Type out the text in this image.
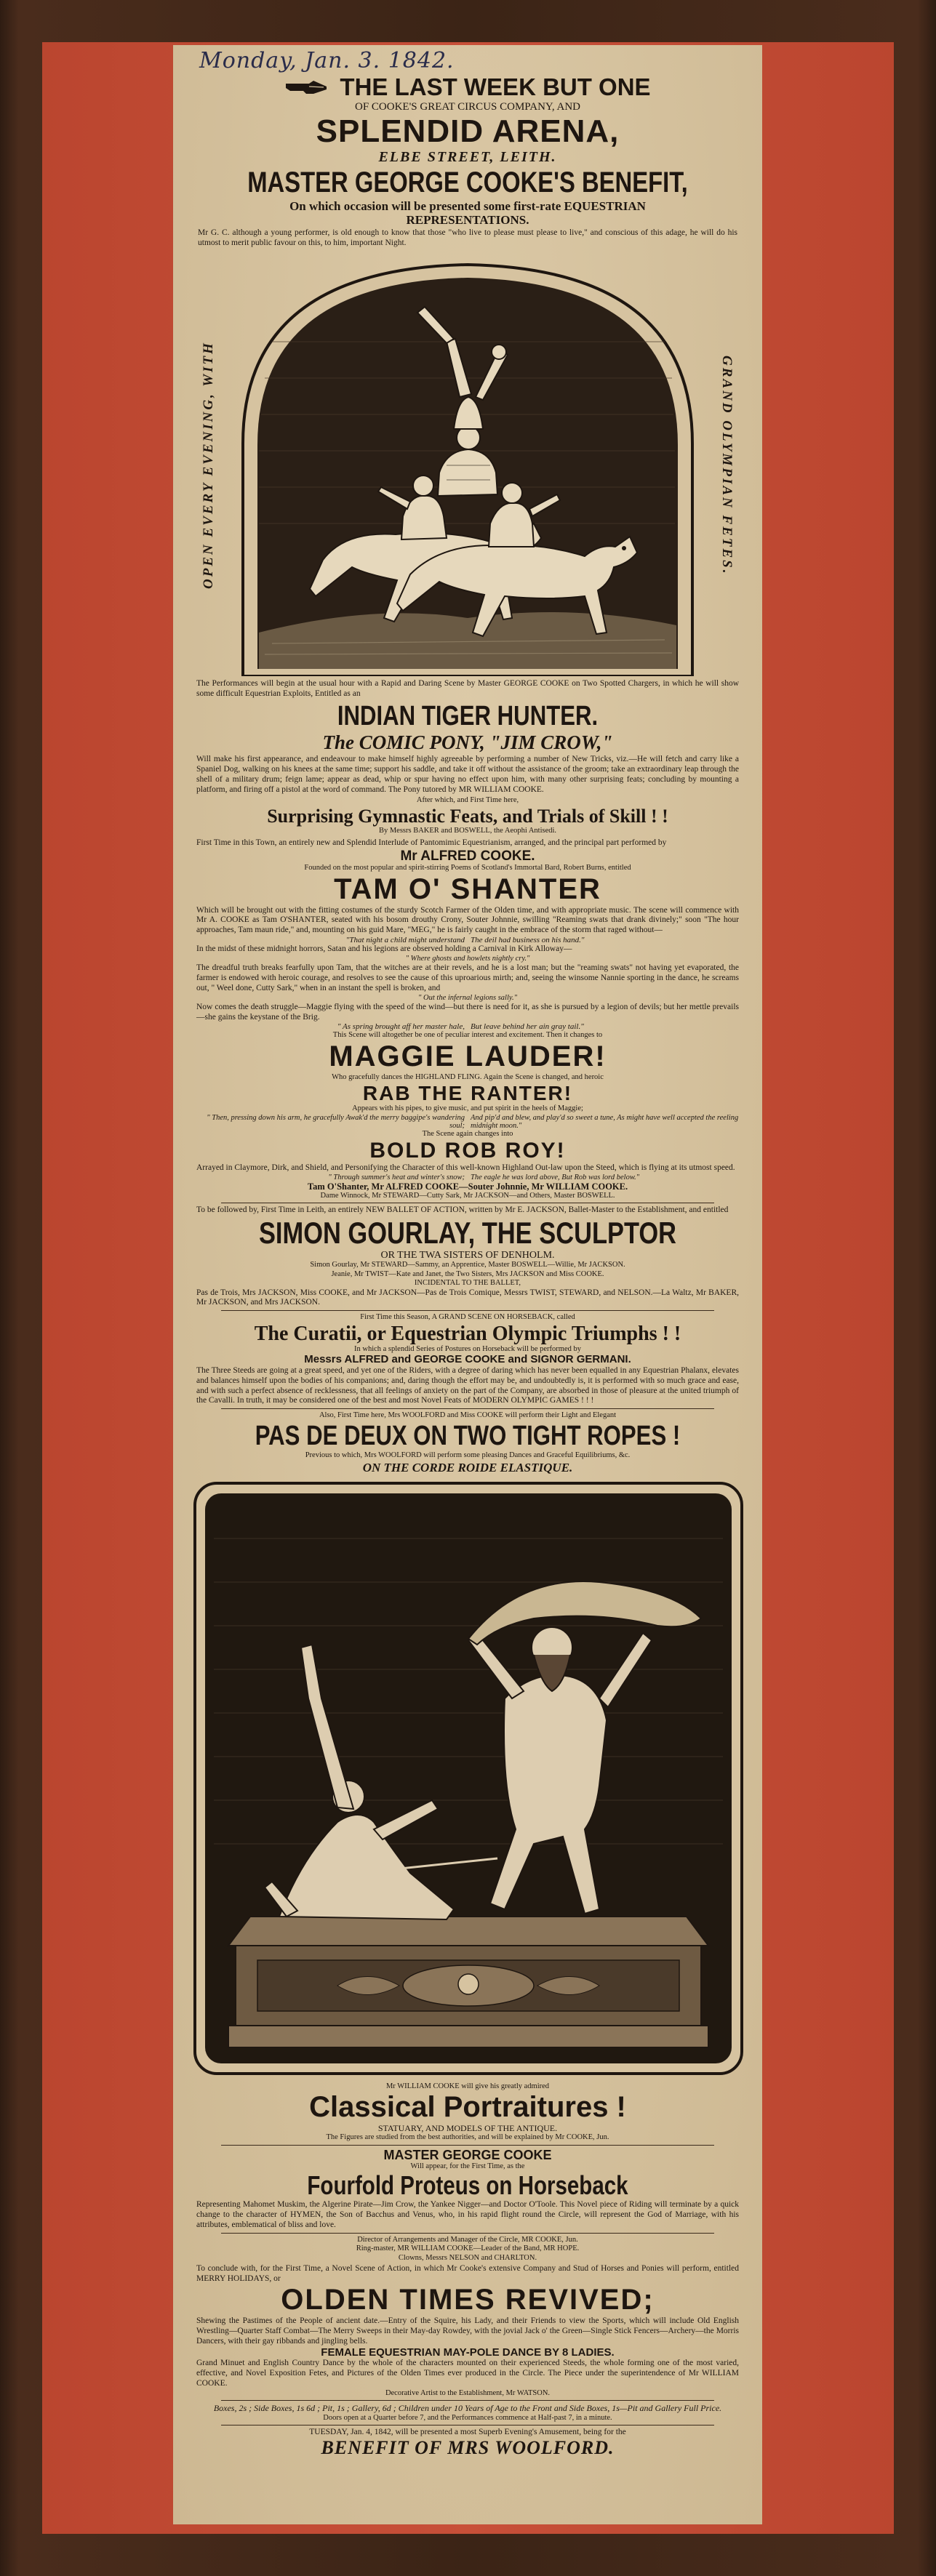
Monday, Jan. 3. 1842.
THE LAST WEEK BUT ONE
OF COOKE'S GREAT CIRCUS COMPANY, AND
SPLENDID ARENA,
ELBE STREET, LEITH.
MASTER GEORGE COOKE'S BENEFIT,
On which occasion will be presented some first-rate EQUESTRIAN
REPRESENTATIONS.

Mr G. C. although a young performer, is old enough to know that those "who live to please must please to live," and conscious of this adage, he will do his utmost to merit public favour on this, to him, important Night.

OPEN EVERY EVENING, WITH	GRAND OLYMPIAN FETES.

The Performances will begin at the usual hour with a Rapid and Daring Scene by Master GEORGE COOKE on Two Spotted Chargers, in which he will show some difficult Equestrian Exploits, Entitled as an

INDIAN TIGER HUNTER.
The COMIC PONY, "JIM CROW,"

Will make his first appearance, and endeavour to make himself highly agreeable by performing a number of New Tricks, viz.—He will fetch and carry like a Spaniel Dog, walking on his knees at the same time; support his saddle, and take it off without the assistance of the groom; take an extraordinary leap through the shell of a military drum; feign lame; appear as dead, whip or spur having no effect upon him, with many other surprising feats; concluding by mounting a platform, and firing off a pistol at the word of command. The Pony tutored by MR WILLIAM COOKE.

After which, and First Time here,
Surprising Gymnastic Feats, and Trials of Skill ! !
By Messrs BAKER and BOSWELL, the Aeophi Antisedi.

First Time in this Town, an entirely new and Splendid Interlude of Pantomimic Equestrianism, arranged, and the principal part performed by

Mr ALFRED COOKE.
Founded on the most popular and spirit-stirring Poems of Scotland's Immortal Bard, Robert Burns, entitled
TAM O' SHANTER

Which will be brought out with the fitting costumes of the sturdy Scotch Farmer of the Olden time, and with appropriate music. The scene will commence with Mr A. COOKE as Tam O'SHANTER, seated with his bosom drouthy Crony, Souter Johnnie, swilling "Reaming swats that drank divinely;" soon "The hour approaches, Tam maun ride," and, mounting on his guid Mare, "MEG," he is fairly caught in the embrace of the storm that raged without—

"That night a child might understand The deil had business on his hand."

In the midst of these midnight horrors, Satan and his legions are observed holding a Carnival in Kirk Alloway—

" Where ghosts and howlets nightly cry."

The dreadful truth breaks fearfully upon Tam, that the witches are at their revels, and he is a lost man; but the "reaming swats" not having yet evaporated, the farmer is endowed with heroic courage, and resolves to see the cause of this uproarious mirth; and, seeing the winsome Nannie sporting in the dance, he screams out, " Weel done, Cutty Sark," when in an instant the spell is broken, and

" Out the infernal legions sally."

Now comes the death struggle—Maggie flying with the speed of the wind—but there is need for it, as she is pursued by a legion of devils; but her mettle prevails—she gains the keystane of the Brig.

" As spring brought aff her master hale, But leave behind her ain gray tail."
This Scene will altogether be one of peculiar interest and excitement. Then it changes to
MAGGIE LAUDER!
Who gracefully dances the HIGHLAND FLING. Again the Scene is changed, and heroic
RAB THE RANTER!
Appears with his pipes, to give music, and put spirit in the heels of Maggie;
" Then, pressing down his arm, he gracefully Awak'd the merry baggipe's wandering soul;
And pip'd and blew, and play'd so sweet a tune, As might have well accepted the reeling midnight moon."
The Scene again changes into
BOLD ROB ROY!

Arrayed in Claymore, Dirk, and Shield, and Personifying the Character of this well-known Highland Out-law upon the Steed, which is flying at its utmost speed.

" Through summer's heat and winter's snow; The eagle he was lord above, But Rob was lord below."
Tam O'Shanter, Mr ALFRED COOKE—Souter Johnnie, Mr WILLIAM COOKE.
Dame Winnock, Mr STEWARD—Cutty Sark, Mr JACKSON—and Others, Master BOSWELL.

To be followed by, First Time in Leith, an entirely NEW BALLET OF ACTION, written by Mr E. JACKSON, Ballet-Master to the Establishment, and entitled

SIMON GOURLAY, THE SCULPTOR
OR THE TWA SISTERS OF DENHOLM.
Simon Gourlay, Mr STEWARD—Sammy, an Apprentice, Master BOSWELL—Willie, Mr JACKSON.
Jeanie, Mr TWIST—Kate and Janet, the Two Sisters, Mrs JACKSON and Miss COOKE.
INCIDENTAL TO THE BALLET,

Pas de Trois, Mrs JACKSON, Miss COOKE, and Mr JACKSON—Pas de Trois Comique, Messrs TWIST, STEWARD, and NELSON.—La Waltz, Mr BAKER, Mr JACKSON, and Mrs JACKSON.

First Time this Season, A GRAND SCENE ON HORSEBACK, called
The Curatii, or Equestrian Olympic Triumphs ! !
In which a splendid Series of Postures on Horseback will be performed by
Messrs ALFRED and GEORGE COOKE and SIGNOR GERMANI.

The Three Steeds are going at a great speed, and yet one of the Riders, with a degree of daring which has never been equalled in any Equestrian Phalanx, elevates and balances himself upon the bodies of his companions; and, daring though the effort may be, and undoubtedly is, it is performed with so much grace and ease, and with such a perfect absence of recklessness, that all feelings of anxiety on the part of the Company, are absorbed in those of pleasure at the united triumph of the Cavalli. In truth, it may be considered one of the best and most Novel Feats of MODERN OLYMPIC GAMES ! ! !

Also, First Time here, Mrs WOOLFORD and Miss COOKE will perform their Light and Elegant
PAS DE DEUX ON TWO TIGHT ROPES !
Previous to which, Mrs WOOLFORD will perform some pleasing Dances and Graceful Equilibriums, &c.
ON THE CORDE ROIDE ELASTIQUE.
Mr WILLIAM COOKE will give his greatly admired
Classical Portraitures !
STATUARY, AND MODELS OF THE ANTIQUE.
The Figures are studied from the best authorities, and will be explained by Mr COOKE, Jun.
MASTER GEORGE COOKE
Will appear, for the First Time, as the
Fourfold Proteus on Horseback

Representing Mahomet Muskim, the Algerine Pirate—Jim Crow, the Yankee Nigger—and Doctor O'Toole. This Novel piece of Riding will terminate by a quick change to the character of HYMEN, the Son of Bacchus and Venus, who, in his rapid flight round the Circle, will represent the God of Marriage, with his attributes, emblematical of bliss and love.

Director of Arrangements and Manager of the Circle, MR COOKE, Jun.
Ring-master, MR WILLIAM COOKE—Leader of the Band, MR HOPE.
Clowns, Messrs NELSON and CHARLTON.

To conclude with, for the First Time, a Novel Scene of Action, in which Mr Cooke's extensive Company and Stud of Horses and Ponies will perform, entitled MERRY HOLIDAYS, or

OLDEN TIMES REVIVED;

Shewing the Pastimes of the People of ancient date.—Entry of the Squire, his Lady, and their Friends to view the Sports, which will include Old English Wrestling—Quarter Staff Combat—The Merry Sweeps in their May-day Rowdey, with the jovial Jack o' the Green—Single Stick Fencers—Archery—the Morris Dancers, with their gay ribbands and jingling bells.

FEMALE EQUESTRIAN MAY-POLE DANCE BY 8 LADIES.

Grand Minuet and English Country Dance by the whole of the characters mounted on their experienced Steeds, the whole forming one of the most varied, effective, and Novel Exposition Fetes, and Pictures of the Olden Times ever produced in the Circle. The Piece under the superintendence of Mr WILLIAM COOKE.

Decorative Artist to the Establishment, Mr WATSON.

Boxes, 2s ; Side Boxes, 1s 6d ; Pit, 1s ; Gallery, 6d ; Children under 10 Years of Age to the Front and Side Boxes, 1s—Pit and Gallery Full Price.

Doors open at a Quarter before 7, and the Performances commence at Half-past 7, in a minute.
TUESDAY, Jan. 4, 1842, will be presented a most Superb Evening's Amusement, being for the
BENEFIT OF MRS WOOLFORD.
